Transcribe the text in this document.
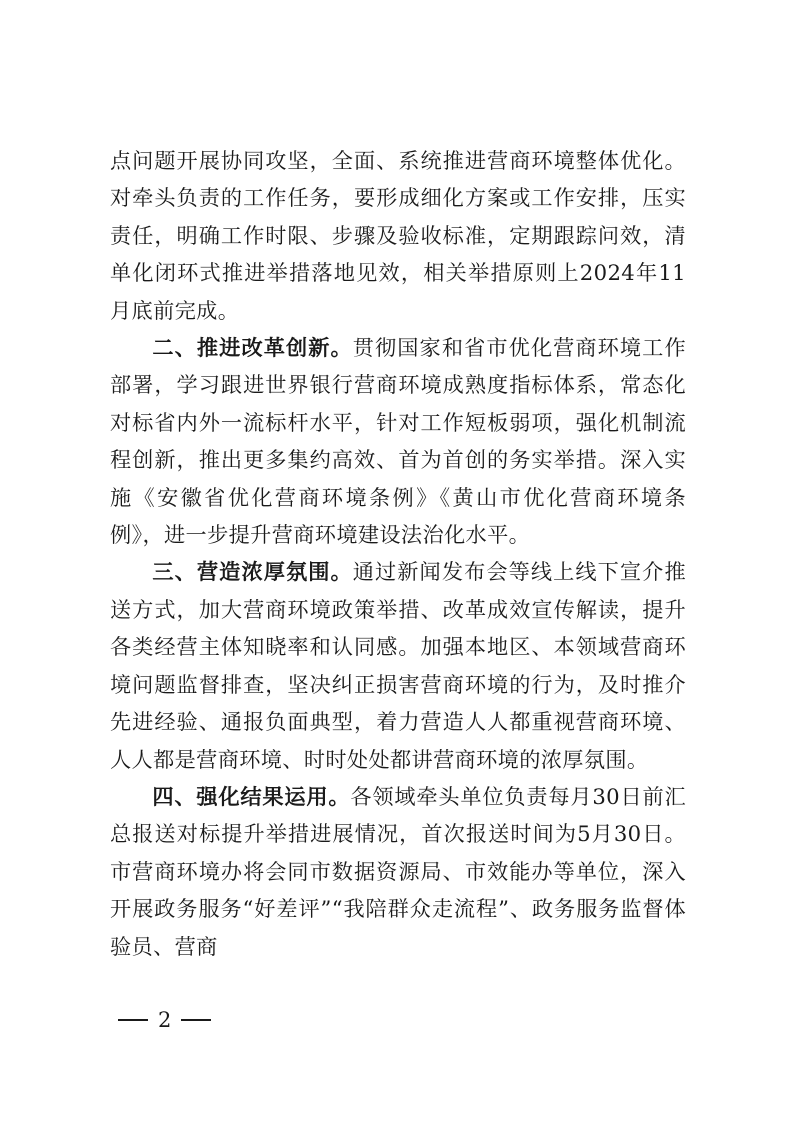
点问题开展协同攻坚，全面、系统推进营商环境整体优化。对牵头负责的工作任务，要形成细化方案或工作安排，压实责任，明确工作时限、步骤及验收标准，定期跟踪问效，清单化闭环式推进举措落地见效，相关举措原则上2024年11月底前完成。

二、推进改革创新。贯彻国家和省市优化营商环境工作部署，学习跟进世界银行营商环境成熟度指标体系，常态化对标省内外一流标杆水平，针对工作短板弱项，强化机制流程创新，推出更多集约高效、首为首创的务实举措。深入实施《安徽省优化营商环境条例》《黄山市优化营商环境条例》，进一步提升营商环境建设法治化水平。

三、营造浓厚氛围。通过新闻发布会等线上线下宣介推送方式，加大营商环境政策举措、改革成效宣传解读，提升各类经营主体知晓率和认同感。加强本地区、本领域营商环境问题监督排查，坚决纠正损害营商环境的行为，及时推介先进经验、通报负面典型，着力营造人人都重视营商环境、人人都是营商环境、时时处处都讲营商环境的浓厚氛围。

四、强化结果运用。各领域牵头单位负责每月30日前汇总报送对标提升举措进展情况，首次报送时间为5月30日。市营商环境办将会同市数据资源局、市效能办等单位，深入开展政务服务“好差评”“我陪群众走流程”、政务服务监督体验员、营商

2
